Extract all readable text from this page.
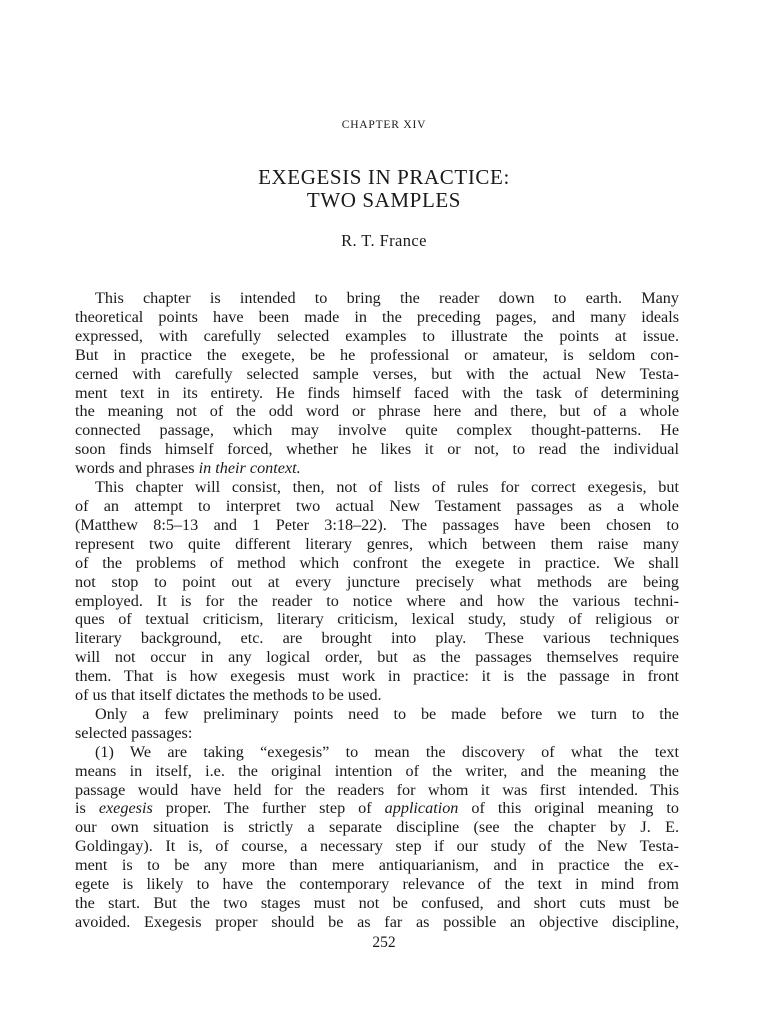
CHAPTER XIV
EXEGESIS IN PRACTICE:
TWO SAMPLES
R. T. France
This chapter is intended to bring the reader down to earth. Many
theoretical points have been made in the preceding pages, and many ideals
expressed, with carefully selected examples to illustrate the points at issue.
But in practice the exegete, be he professional or amateur, is seldom con-
cerned with carefully selected sample verses, but with the actual New Testa-
ment text in its entirety. He finds himself faced with the task of determining
the meaning not of the odd word or phrase here and there, but of a whole
connected passage, which may involve quite complex thought-patterns. He
soon finds himself forced, whether he likes it or not, to read the individual
words and phrases in their context.
This chapter will consist, then, not of lists of rules for correct exegesis, but
of an attempt to interpret two actual New Testament passages as a whole
(Matthew 8:5–13 and 1 Peter 3:18–22). The passages have been chosen to
represent two quite different literary genres, which between them raise many
of the problems of method which confront the exegete in practice. We shall
not stop to point out at every juncture precisely what methods are being
employed. It is for the reader to notice where and how the various techni-
ques of textual criticism, literary criticism, lexical study, study of religious or
literary background, etc. are brought into play. These various techniques
will not occur in any logical order, but as the passages themselves require
them. That is how exegesis must work in practice: it is the passage in front
of us that itself dictates the methods to be used.
Only a few preliminary points need to be made before we turn to the
selected passages:
(1) We are taking “exegesis” to mean the discovery of what the text
means in itself, i.e. the original intention of the writer, and the meaning the
passage would have held for the readers for whom it was first intended. This
is exegesis proper. The further step of application of this original meaning to
our own situation is strictly a separate discipline (see the chapter by J. E.
Goldingay). It is, of course, a necessary step if our study of the New Testa-
ment is to be any more than mere antiquarianism, and in practice the ex-
egete is likely to have the contemporary relevance of the text in mind from
the start. But the two stages must not be confused, and short cuts must be
avoided. Exegesis proper should be as far as possible an objective discipline,
252
